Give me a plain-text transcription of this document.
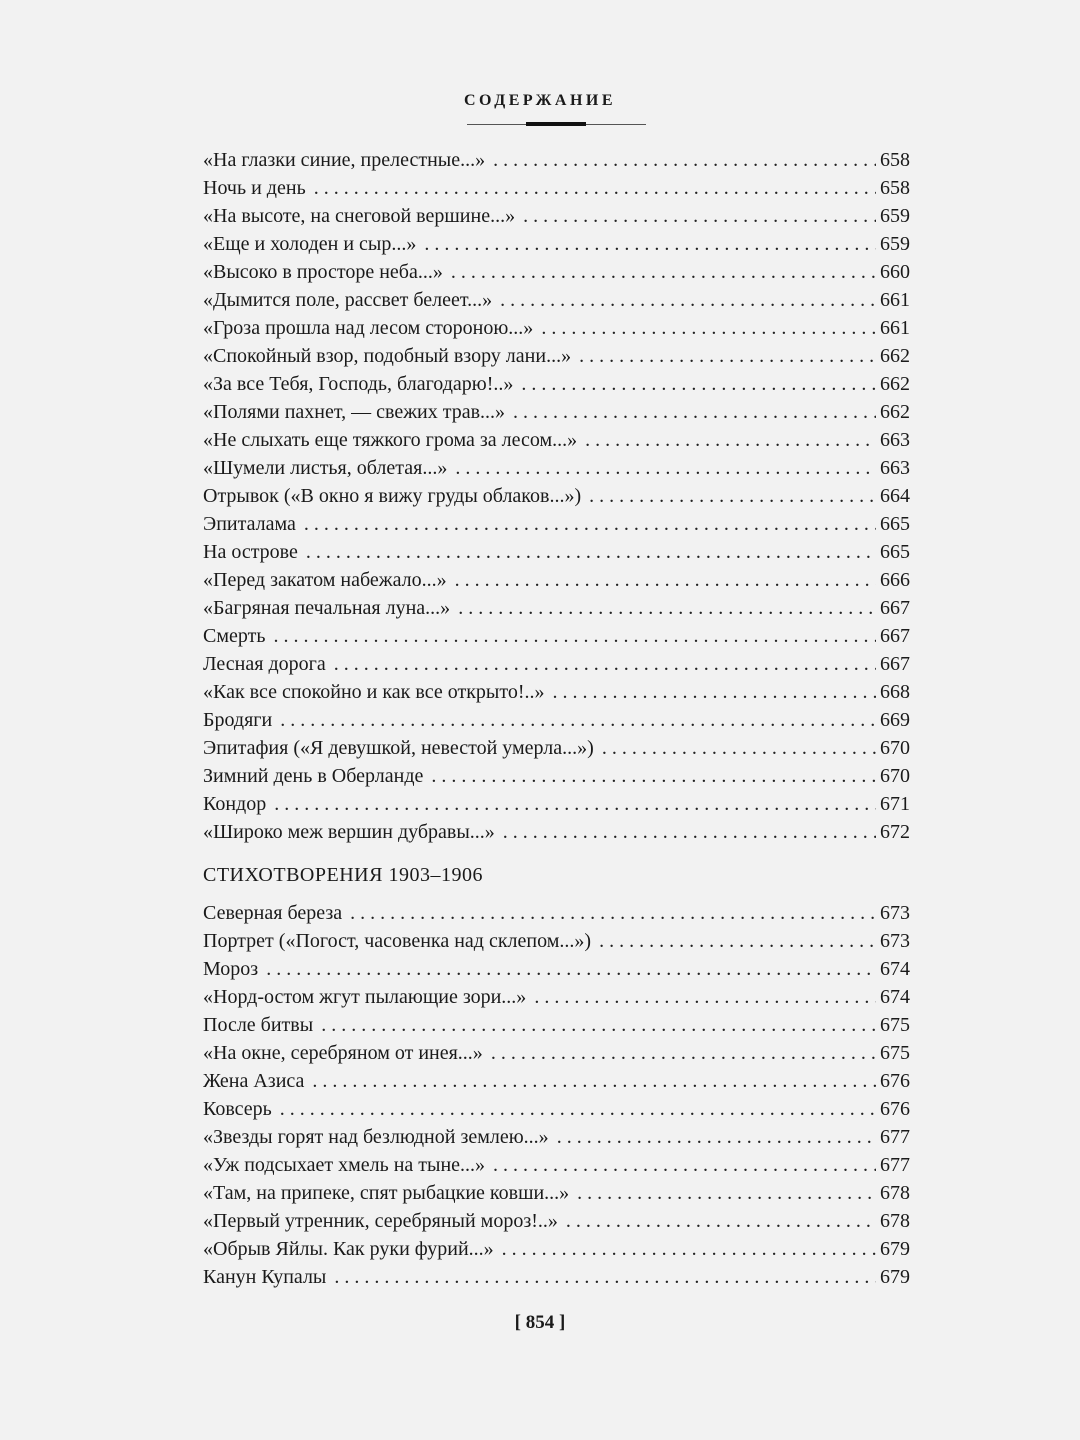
СОДЕРЖАНИЕ
«На глазки синие, прелестные...» . . .	658
Ночь и день . . .	658
«На высоте, на снеговой вершине...» . . .	659
«Еще и холоден и сыр...» . . .	659
«Высоко в просторе неба...» . . .	660
«Дымится поле, рассвет белеет...» . . .	661
«Гроза прошла над лесом стороною...» . . .	661
«Спокойный взор, подобный взору лани...» . . .	662
«За все Тебя, Господь, благодарю!..» . . .	662
«Полями пахнет, — свежих трав...» . . .	662
«Не слыхать еще тяжкого грома за лесом...» . . .	663
«Шумели листья, облетая...» . . .	663
Отрывок («В окно я вижу груды облаков...») . . .	664
Эпиталама . . .	665
На острове . . .	665
«Перед закатом набежало...» . . .	666
«Багряная печальная луна...» . . .	667
Смерть . . .	667
Лесная дорога . . .	667
«Как все спокойно и как все открыто!..» . . .	668
Бродяги . . .	669
Эпитафия («Я девушкой, невестой умерла...») . . .	670
Зимний день в Оберланде . . .	670
Кондор . . .	671
«Широко меж вершин дубравы...» . . .	672
СТИХОТВОРЕНИЯ 1903–1906
Северная береза . . .	673
Портрет («Погост, часовенка над склепом...») . . .	673
Мороз . . .	674
«Норд-остом жгут пылающие зори...» . . .	674
После битвы . . .	675
«На окне, серебряном от инея...» . . .	675
Жена Азиса . . .	676
Ковсерь . . .	676
«Звезды горят над безлюдной землею...» . . .	677
«Уж подсыхает хмель на тыне...» . . .	677
«Там, на припеке, спят рыбацкие ковши...» . . .	678
«Первый утренник, серебряный мороз!..» . . .	678
«Обрыв Яйлы. Как руки фурий...» . . .	679
Канун Купалы . . .	679
[ 854 ]
